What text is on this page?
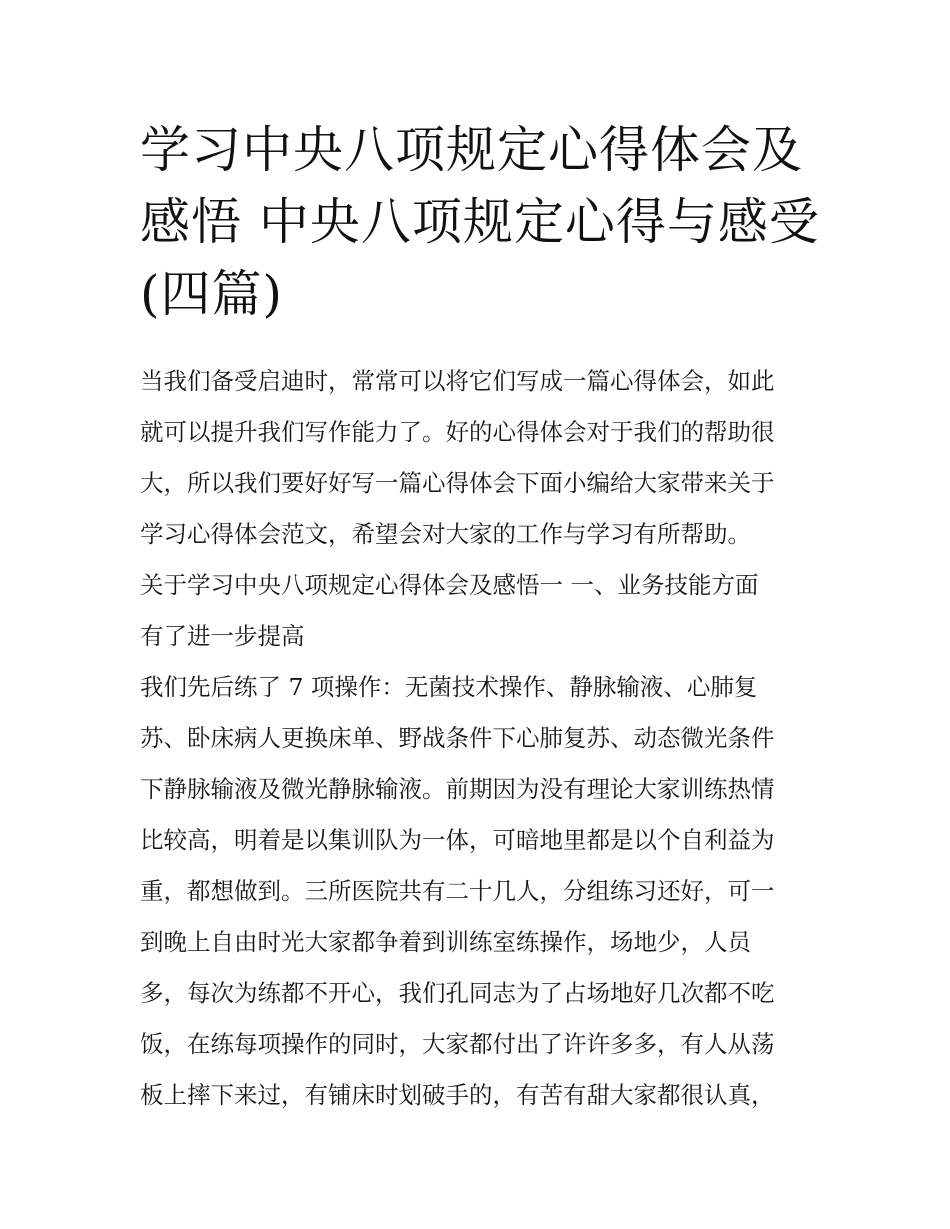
学习中央八项规定心得体会及
感悟 中央八项规定心得与感受
(四篇)
当我们备受启迪时，常常可以将它们写成一篇心得体会，如此
就可以提升我们写作能力了。好的心得体会对于我们的帮助很
大，所以我们要好好写一篇心得体会下面小编给大家带来关于
学习心得体会范文，希望会对大家的工作与学习有所帮助。
关于学习中央八项规定心得体会及感悟一 一、业务技能方面
有了进一步提高
我们先后练了 7 项操作：无菌技术操作、静脉输液、心肺复
苏、卧床病人更换床单、野战条件下心肺复苏、动态微光条件
下静脉输液及微光静脉输液。前期因为没有理论大家训练热情
比较高，明着是以集训队为一体，可暗地里都是以个自利益为
重，都想做到。三所医院共有二十几人，分组练习还好，可一
到晚上自由时光大家都争着到训练室练操作，场地少，人员
多，每次为练都不开心，我们孔同志为了占场地好几次都不吃
饭，在练每项操作的同时，大家都付出了许许多多，有人从荡
板上摔下来过，有铺床时划破手的，有苦有甜大家都很认真，
